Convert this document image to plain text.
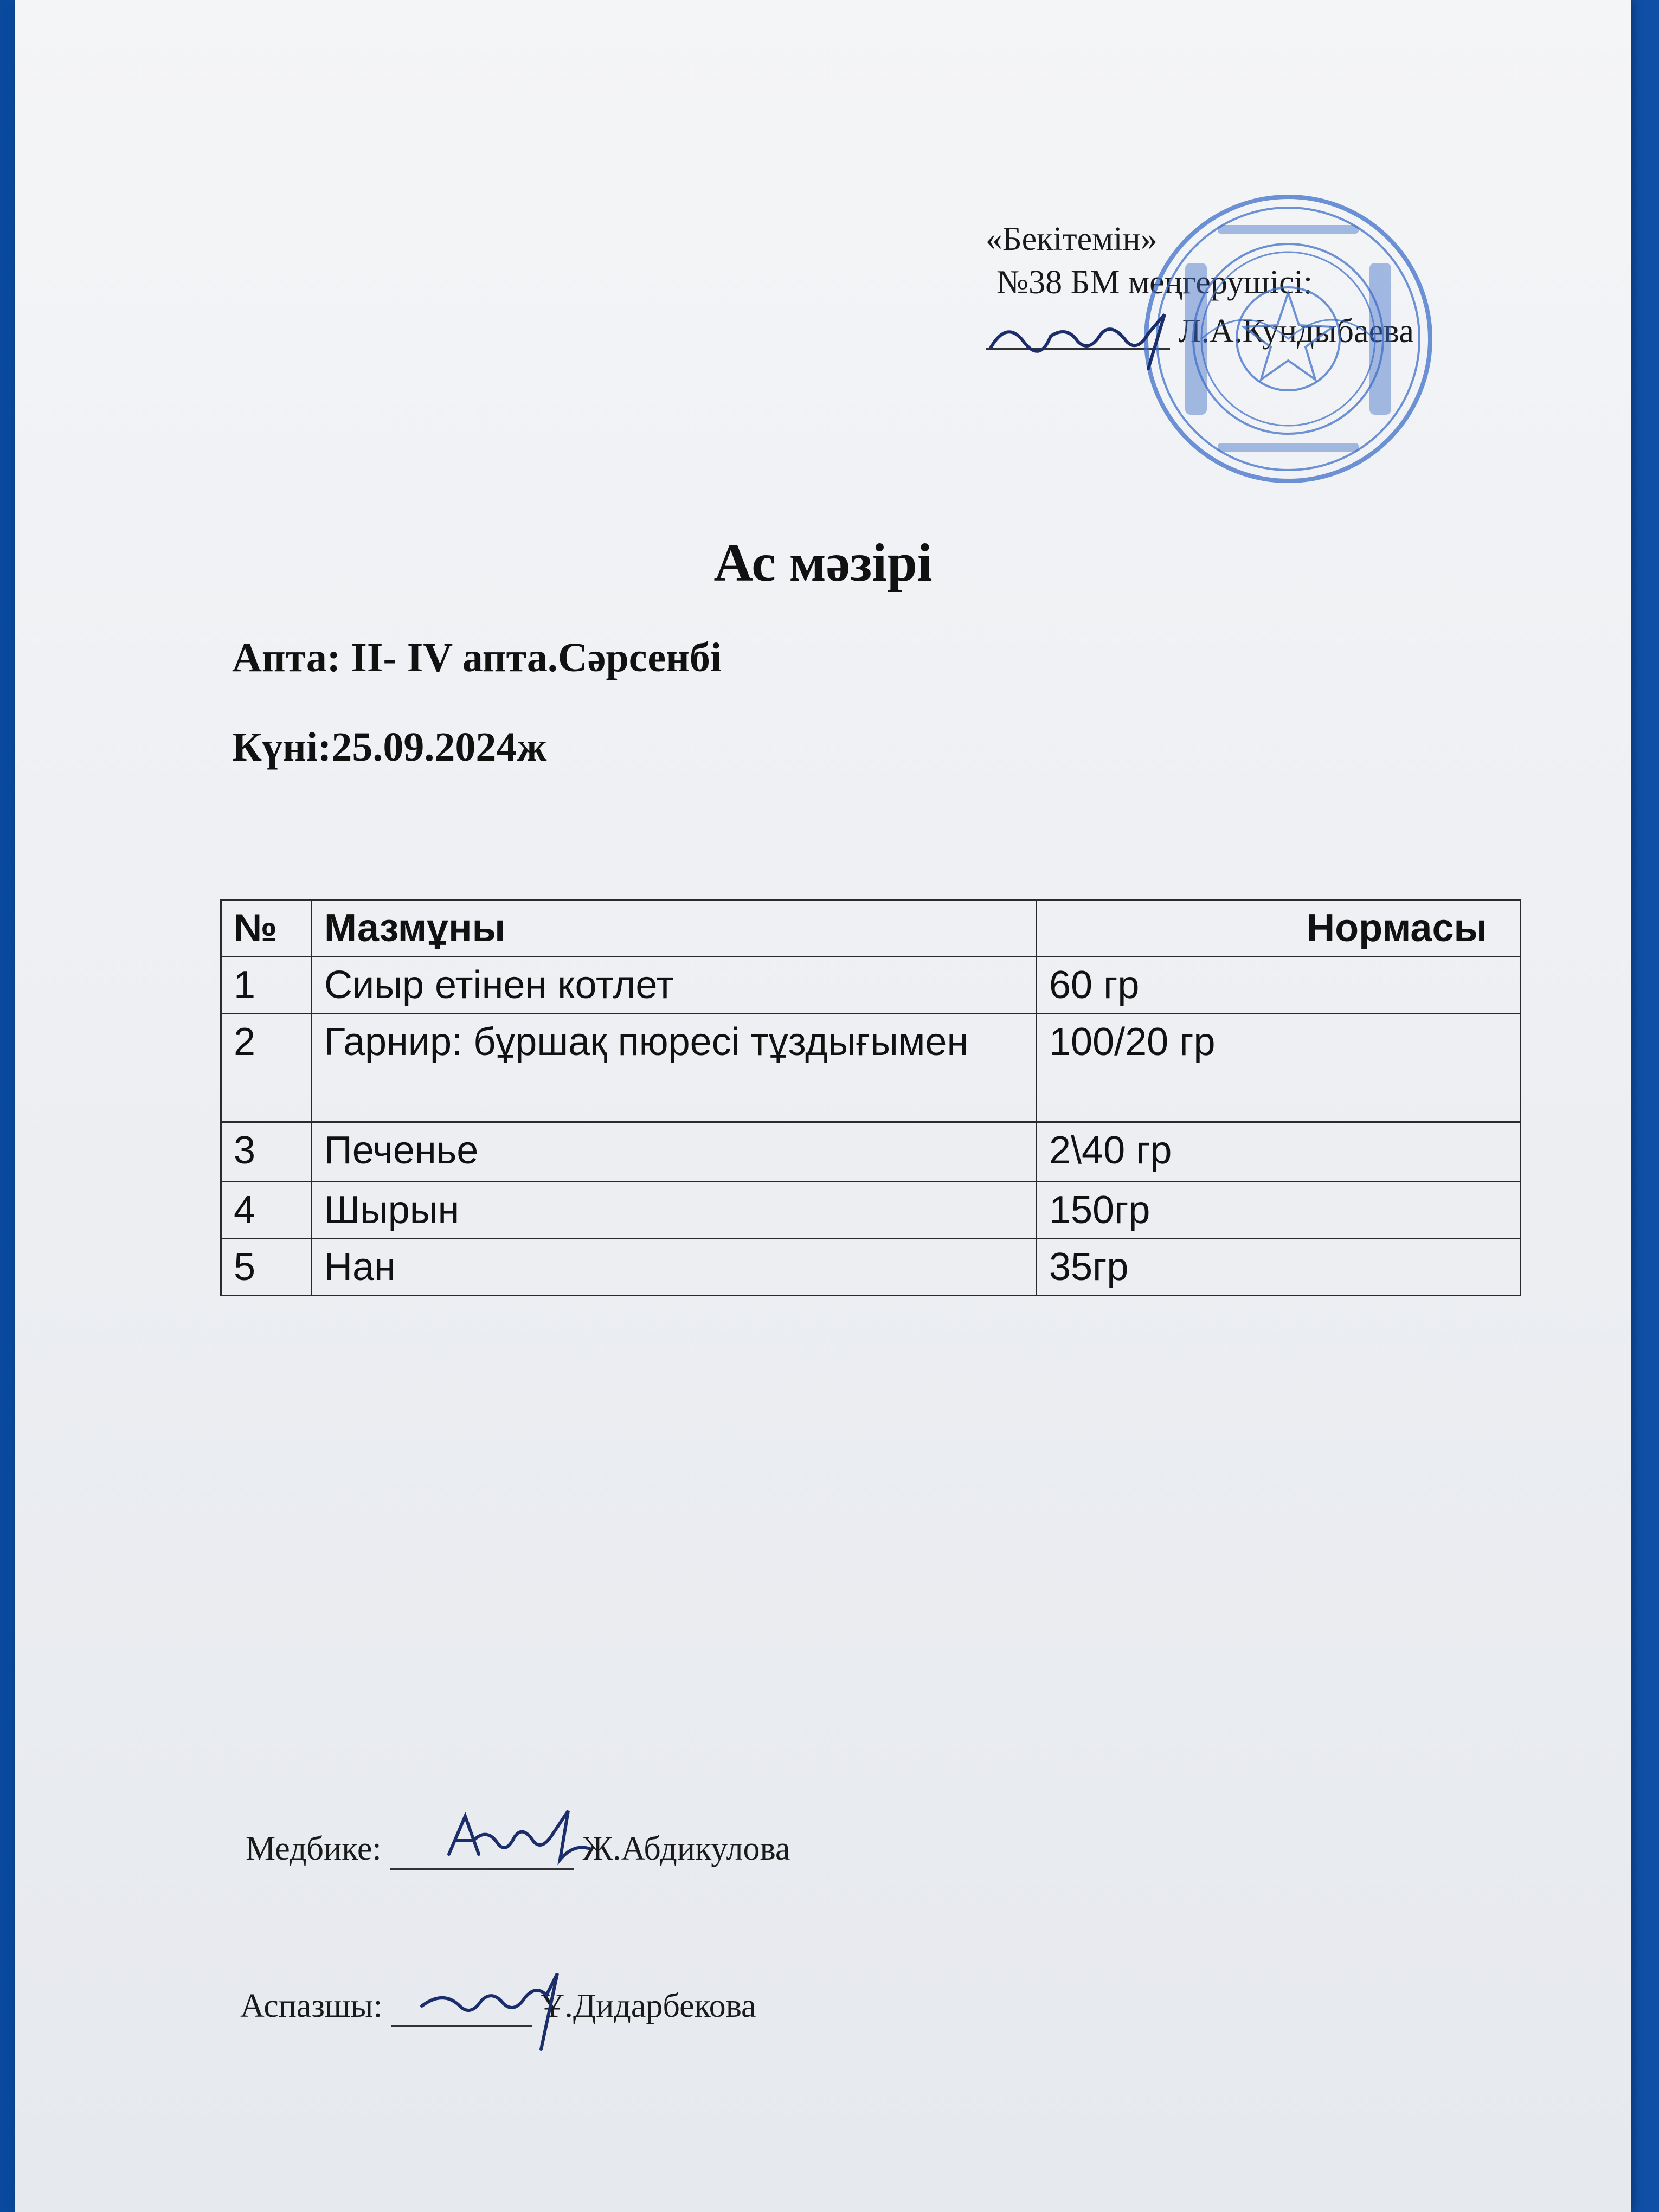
«Бекітемін»
№38 БМ меңгерушісі:
Л.А.Кундыбаева
Ас мәзірі
Апта: II- IV апта.Сәрсенбі
Күні:25.09.2024ж
№	Мазмұны	Нормасы
1	Сиыр етінен котлет	60 гр
2	Гарнир: бұршақ пюресі тұздығымен	100/20 гр
3	Печенье	2\40 гр
4	Шырын	150гр
5	Нан	35гр
Медбике:	Ж.Абдикулова
Аспазшы:	Ұ.Дидарбекова
